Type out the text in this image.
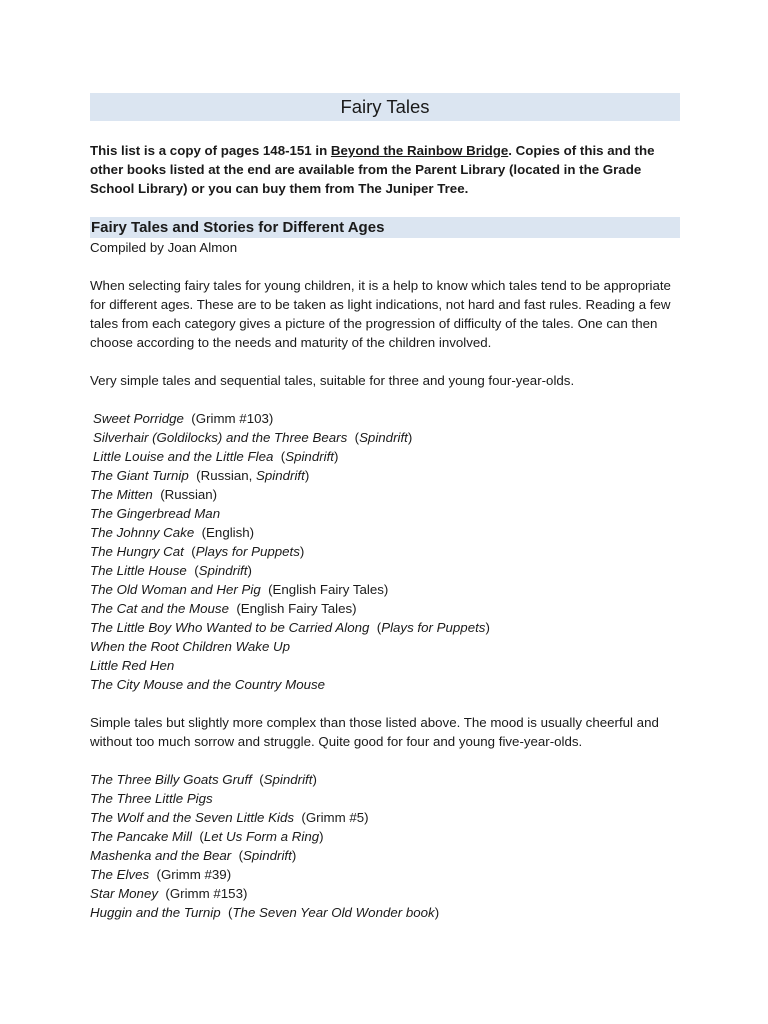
Fairy Tales

This list is a copy of pages 148-151 in Beyond the Rainbow Bridge. Copies of this and the other books listed at the end are available from the Parent Library (located in the Grade School Library) or you can buy them from The Juniper Tree.

Fairy Tales and Stories for Different Ages

Compiled by Joan Almon

When selecting fairy tales for young children, it is a help to know which tales tend to be appropriate for different ages. These are to be taken as light indications, not hard and fast rules. Reading a few tales from each category gives a picture of the progression of difficulty of the tales. One can then choose according to the needs and maturity of the children involved.

Very simple tales and sequential tales, suitable for three and young four-year-olds.

Sweet Porridge  (Grimm #103)

Silverhair (Goldilocks) and the Three Bears  (Spindrift)

Little Louise and the Little Flea  (Spindrift)

The Giant Turnip  (Russian, Spindrift)

The Mitten  (Russian)

The Gingerbread Man

The Johnny Cake  (English)

The Hungry Cat  (Plays for Puppets)

The Little House  (Spindrift)

The Old Woman and Her Pig  (English Fairy Tales)

The Cat and the Mouse  (English Fairy Tales)

The Little Boy Who Wanted to be Carried Along  (Plays for Puppets)

When the Root Children Wake Up

Little Red Hen

The City Mouse and the Country Mouse

Simple tales but slightly more complex than those listed above. The mood is usually cheerful and without too much sorrow and struggle. Quite good for four and young five-year-olds.

The Three Billy Goats Gruff  (Spindrift)

The Three Little Pigs

The Wolf and the Seven Little Kids  (Grimm #5)

The Pancake Mill  (Let Us Form a Ring)

Mashenka and the Bear  (Spindrift)

The Elves  (Grimm #39)

Star Money  (Grimm #153)

Huggin and the Turnip  (The Seven Year Old Wonder book)
